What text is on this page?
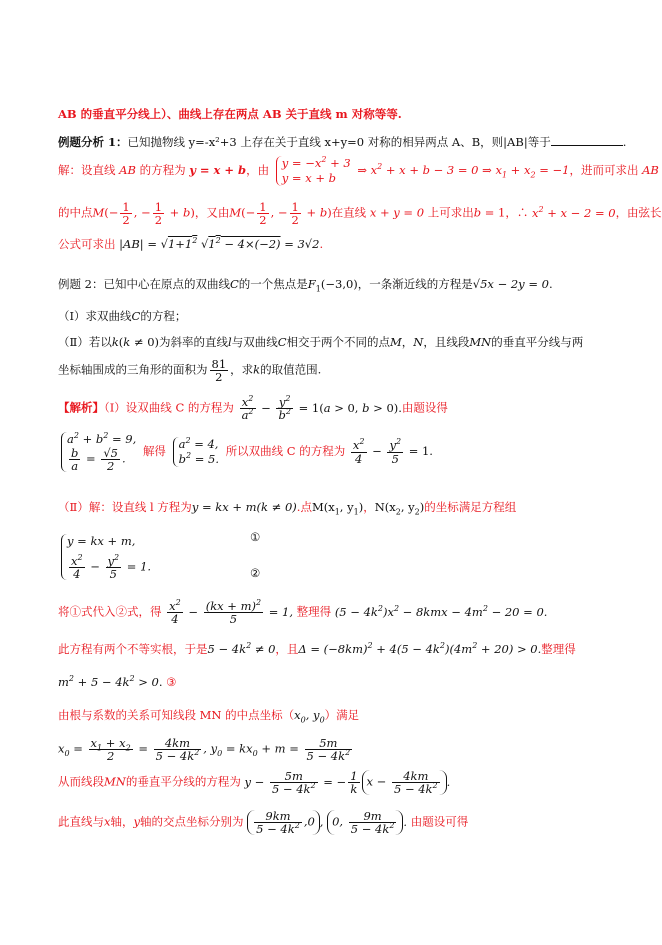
AB 的垂直平分线上）、曲线上存在两点 AB 关于直线 m 对称等等.
例题分析 1：已知抛物线 y=-x²+3 上存在关于直线 x+y=0 对称的相异两点 A、B，则|AB|等于	.
解：设直线 AB 的方程为 y = x + b，由 $y = -x^2 + 3$
y = x + b
⇒ $x^2 + x + b - 3 = 0$ ⇒ $x_1 + x_2 = -1$，进而可求出 AB
的中点$M(- \frac{1}{2}$ , − $\frac{1}{2} + b$)，又由$M(- \frac{1}{2}$ , − $\frac{1}{2} + b$)在直线 x + y = 0 上可求出b = 1，∴ $x^2 + x - 2 = 0$，由弦长
公式可求出 $|AB| = √1+1^2$ $√1^2 - 4\times(-2) = 3√2$.
例题 2：已知中心在原点的双曲线C的一个焦点是$F_1(-3,0)$，一条渐近线的方程是√5x − 2y = 0.
（Ⅰ）求双曲线C的方程；
（Ⅱ）若以k(k ≠ 0)为斜率的直线l与双曲线C相交于两个不同的点M，N，且线段MN的垂直平分线与两
坐标轴围成的三角形的面积为 $\frac{81}{2}$ ，求k的取值范围.
【解析】（Ⅰ）设双曲线 C 的方程为 $\frac{x^2}{a^2} - \frac{y^2}{b^2} = 1(a > 0$, b > 0).由题设得
$a^2 + b^2 = 9$,
$\frac{b}{a} = \frac{√5}{2}$ .
解得 $a^2 = 4$,
$b^2 = 5$.
所以双曲线 C 的方程为 $\frac{x^2}{4} - \frac{y^2}{5} = 1$.
（Ⅱ）解：设直线 l 方程为y = kx + m(k ≠ 0).点$M(x_1$, $y_1$)，$N(x_2$, $y_2$)的坐标满足方程组
y = kx + m,
$\frac{x^2}{4} - \frac{y^2}{5} = 1$.
①
②
将①式代入②式，得 $\frac{x^2}{4} - \frac{(kx + m)^2}{5} = 1$, 整理得 $(5 - 4k^2)x^2 - 8kmx - 4m^2 - 20 = 0$.
此方程有两个不等实根，于是$5 - 4k^2 \ne 0$，且$\Delta = (-8km)^2 + 4(5 - 4k^2)(4m^2 + 20) > 0$.整理得
$m^2 + 5 - 4k^2 > 0$. ③
由根与系数的关系可知线段 MN 的中点坐标（$x_0$, $y_0$）满足
$x_0 = \frac{x_1 + x_2}{2} = \frac{4km}{5 - 4k^2}$ , $y_0 = kx_0 + m = \frac{5m}{5 - 4k^2}$
从而线段MN的垂直平分线的方程为 $y - \frac{5m}{5 - 4k^2}$ = − $\frac{1}{k}$ $x - \frac{4km}{5 - 4k^2}$ .
此直线与x轴，y轴的交点坐标分别为 $\frac{9km}{5 - 4k^2} ,0$ , 0, $\frac{9m}{5 - 4k^2}$ . 由题设可得
